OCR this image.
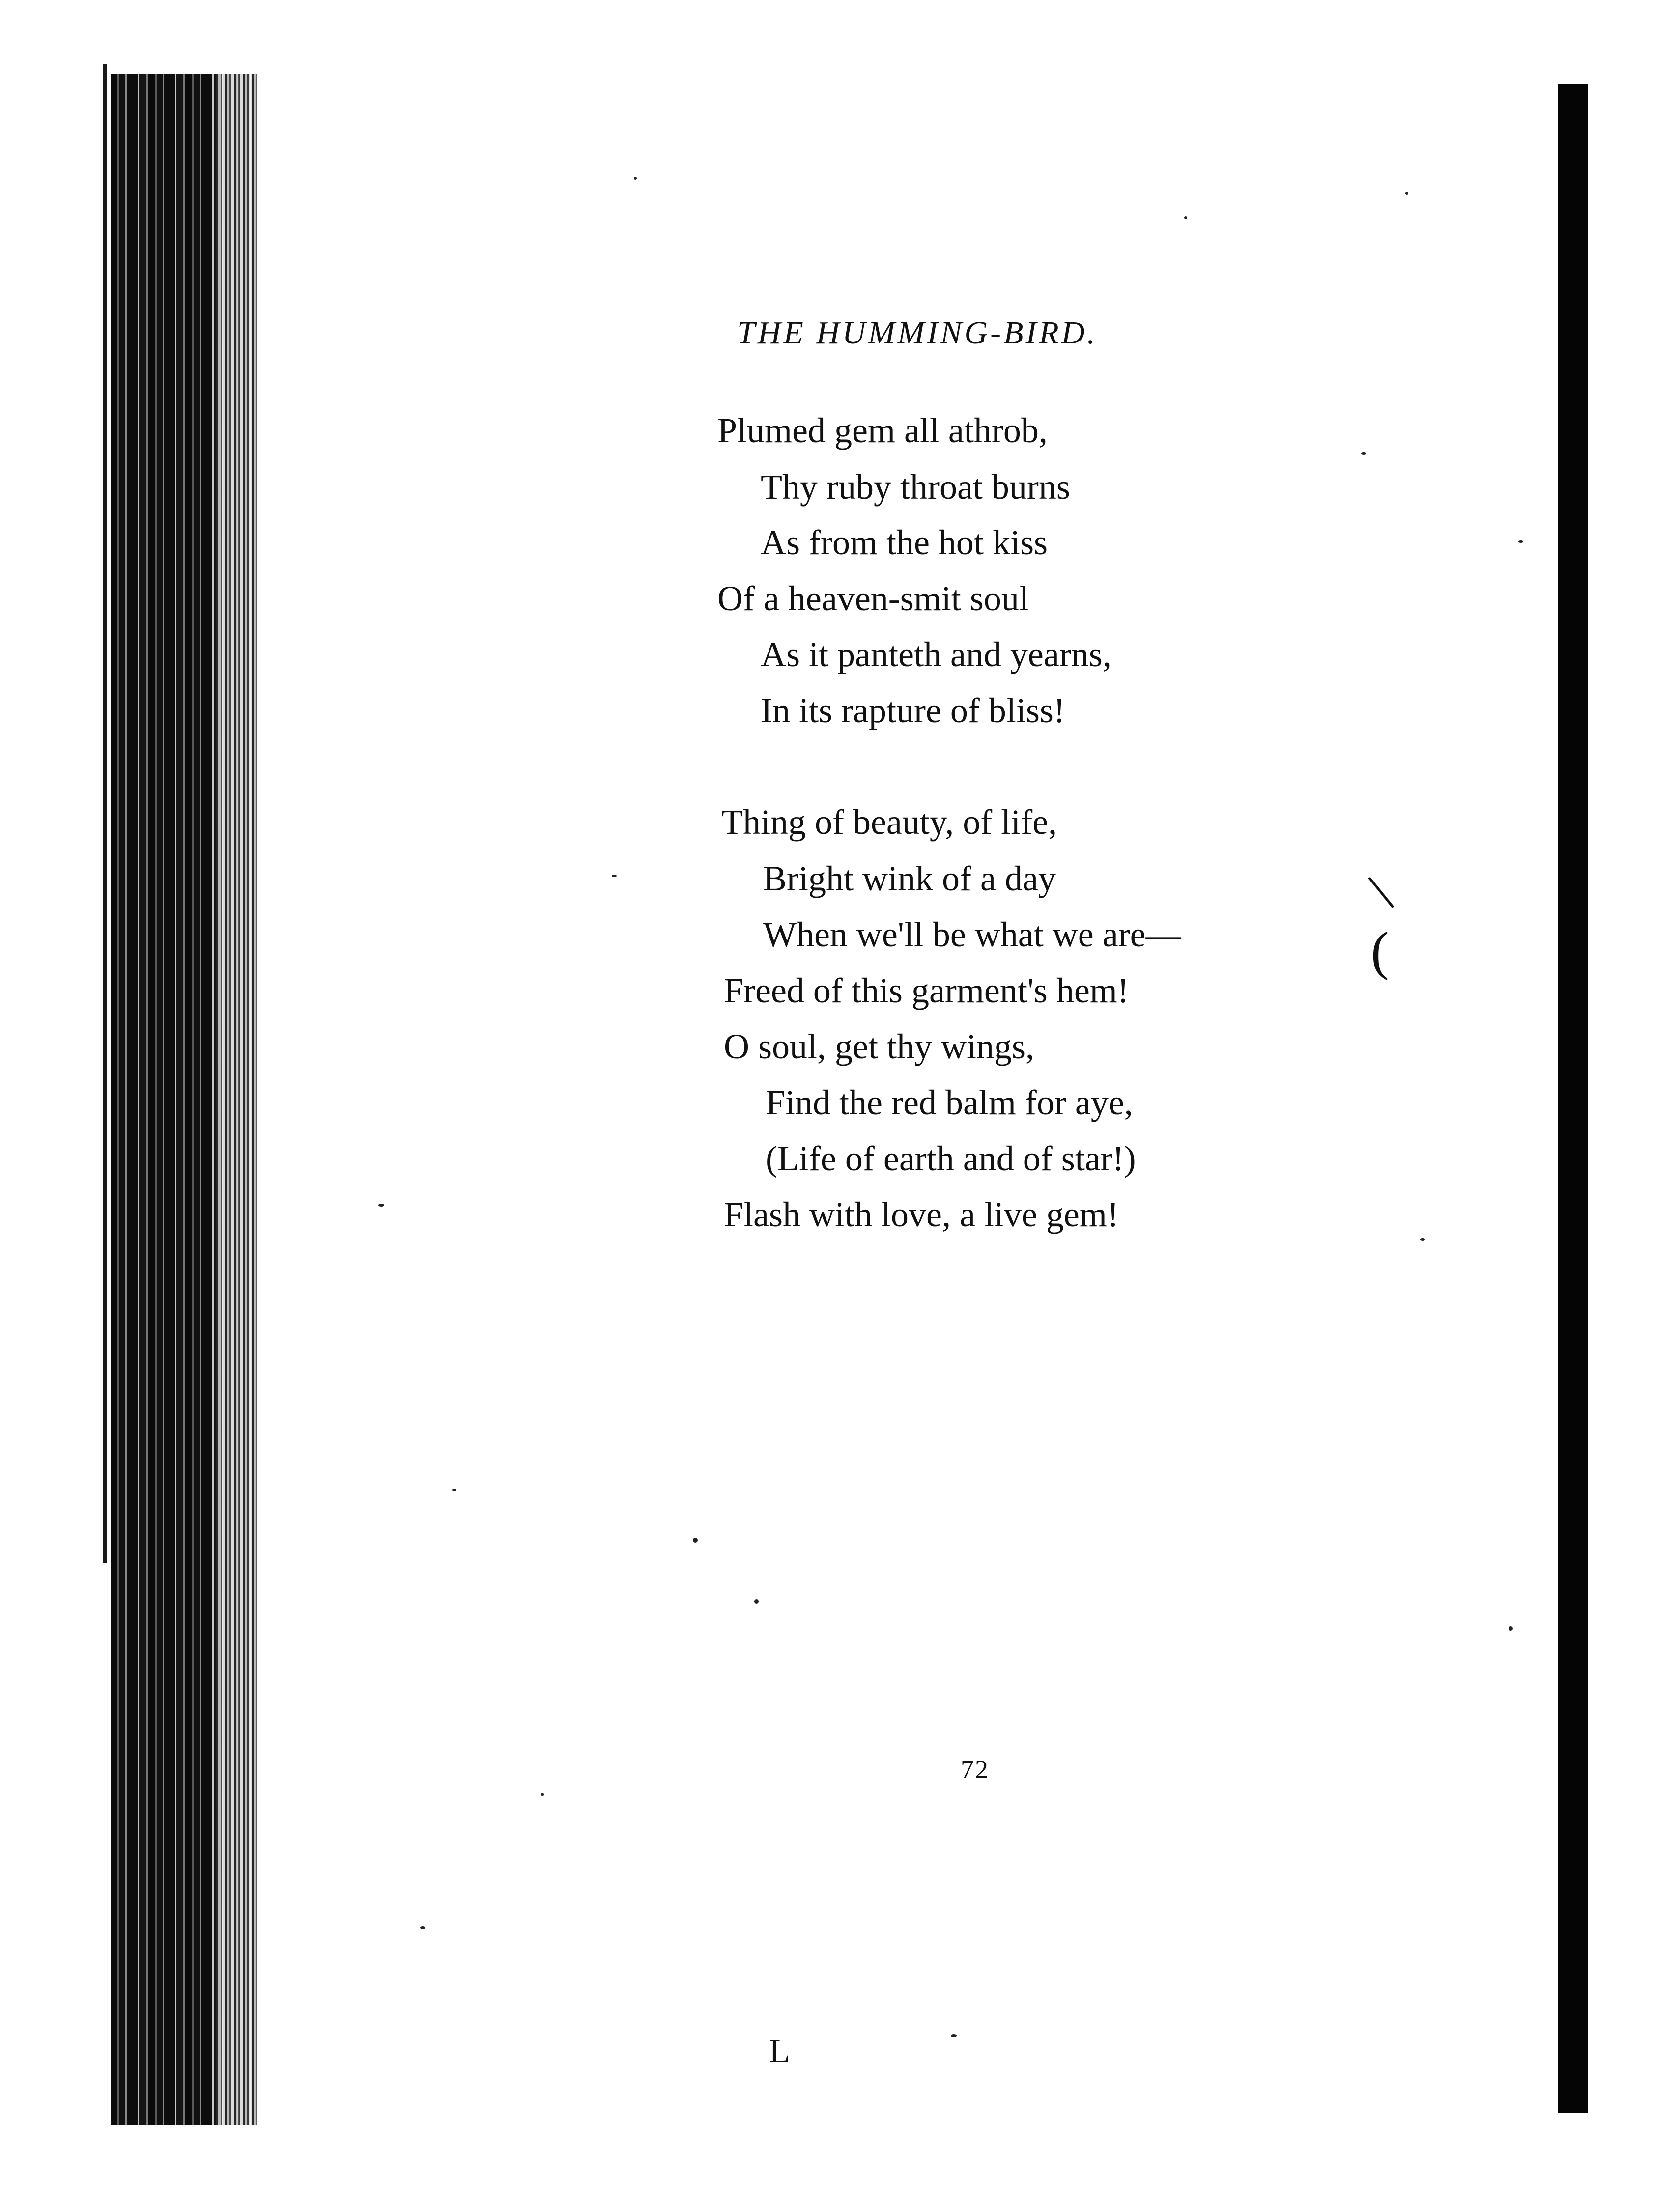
THE HUMMING-BIRD.
Plumed gem all athrob,
Thy ruby throat burns
As from the hot kiss
Of a heaven-smit soul
As it panteth and yearns,
In its rapture of bliss!
Thing of beauty, of life,
Bright wink of a day
When we'll be what we are—
Freed of this garment's hem!
O soul, get thy wings,
Find the red balm for aye,
(Life of earth and of star!)
Flash with love, a live gem!
72
\
(
L
